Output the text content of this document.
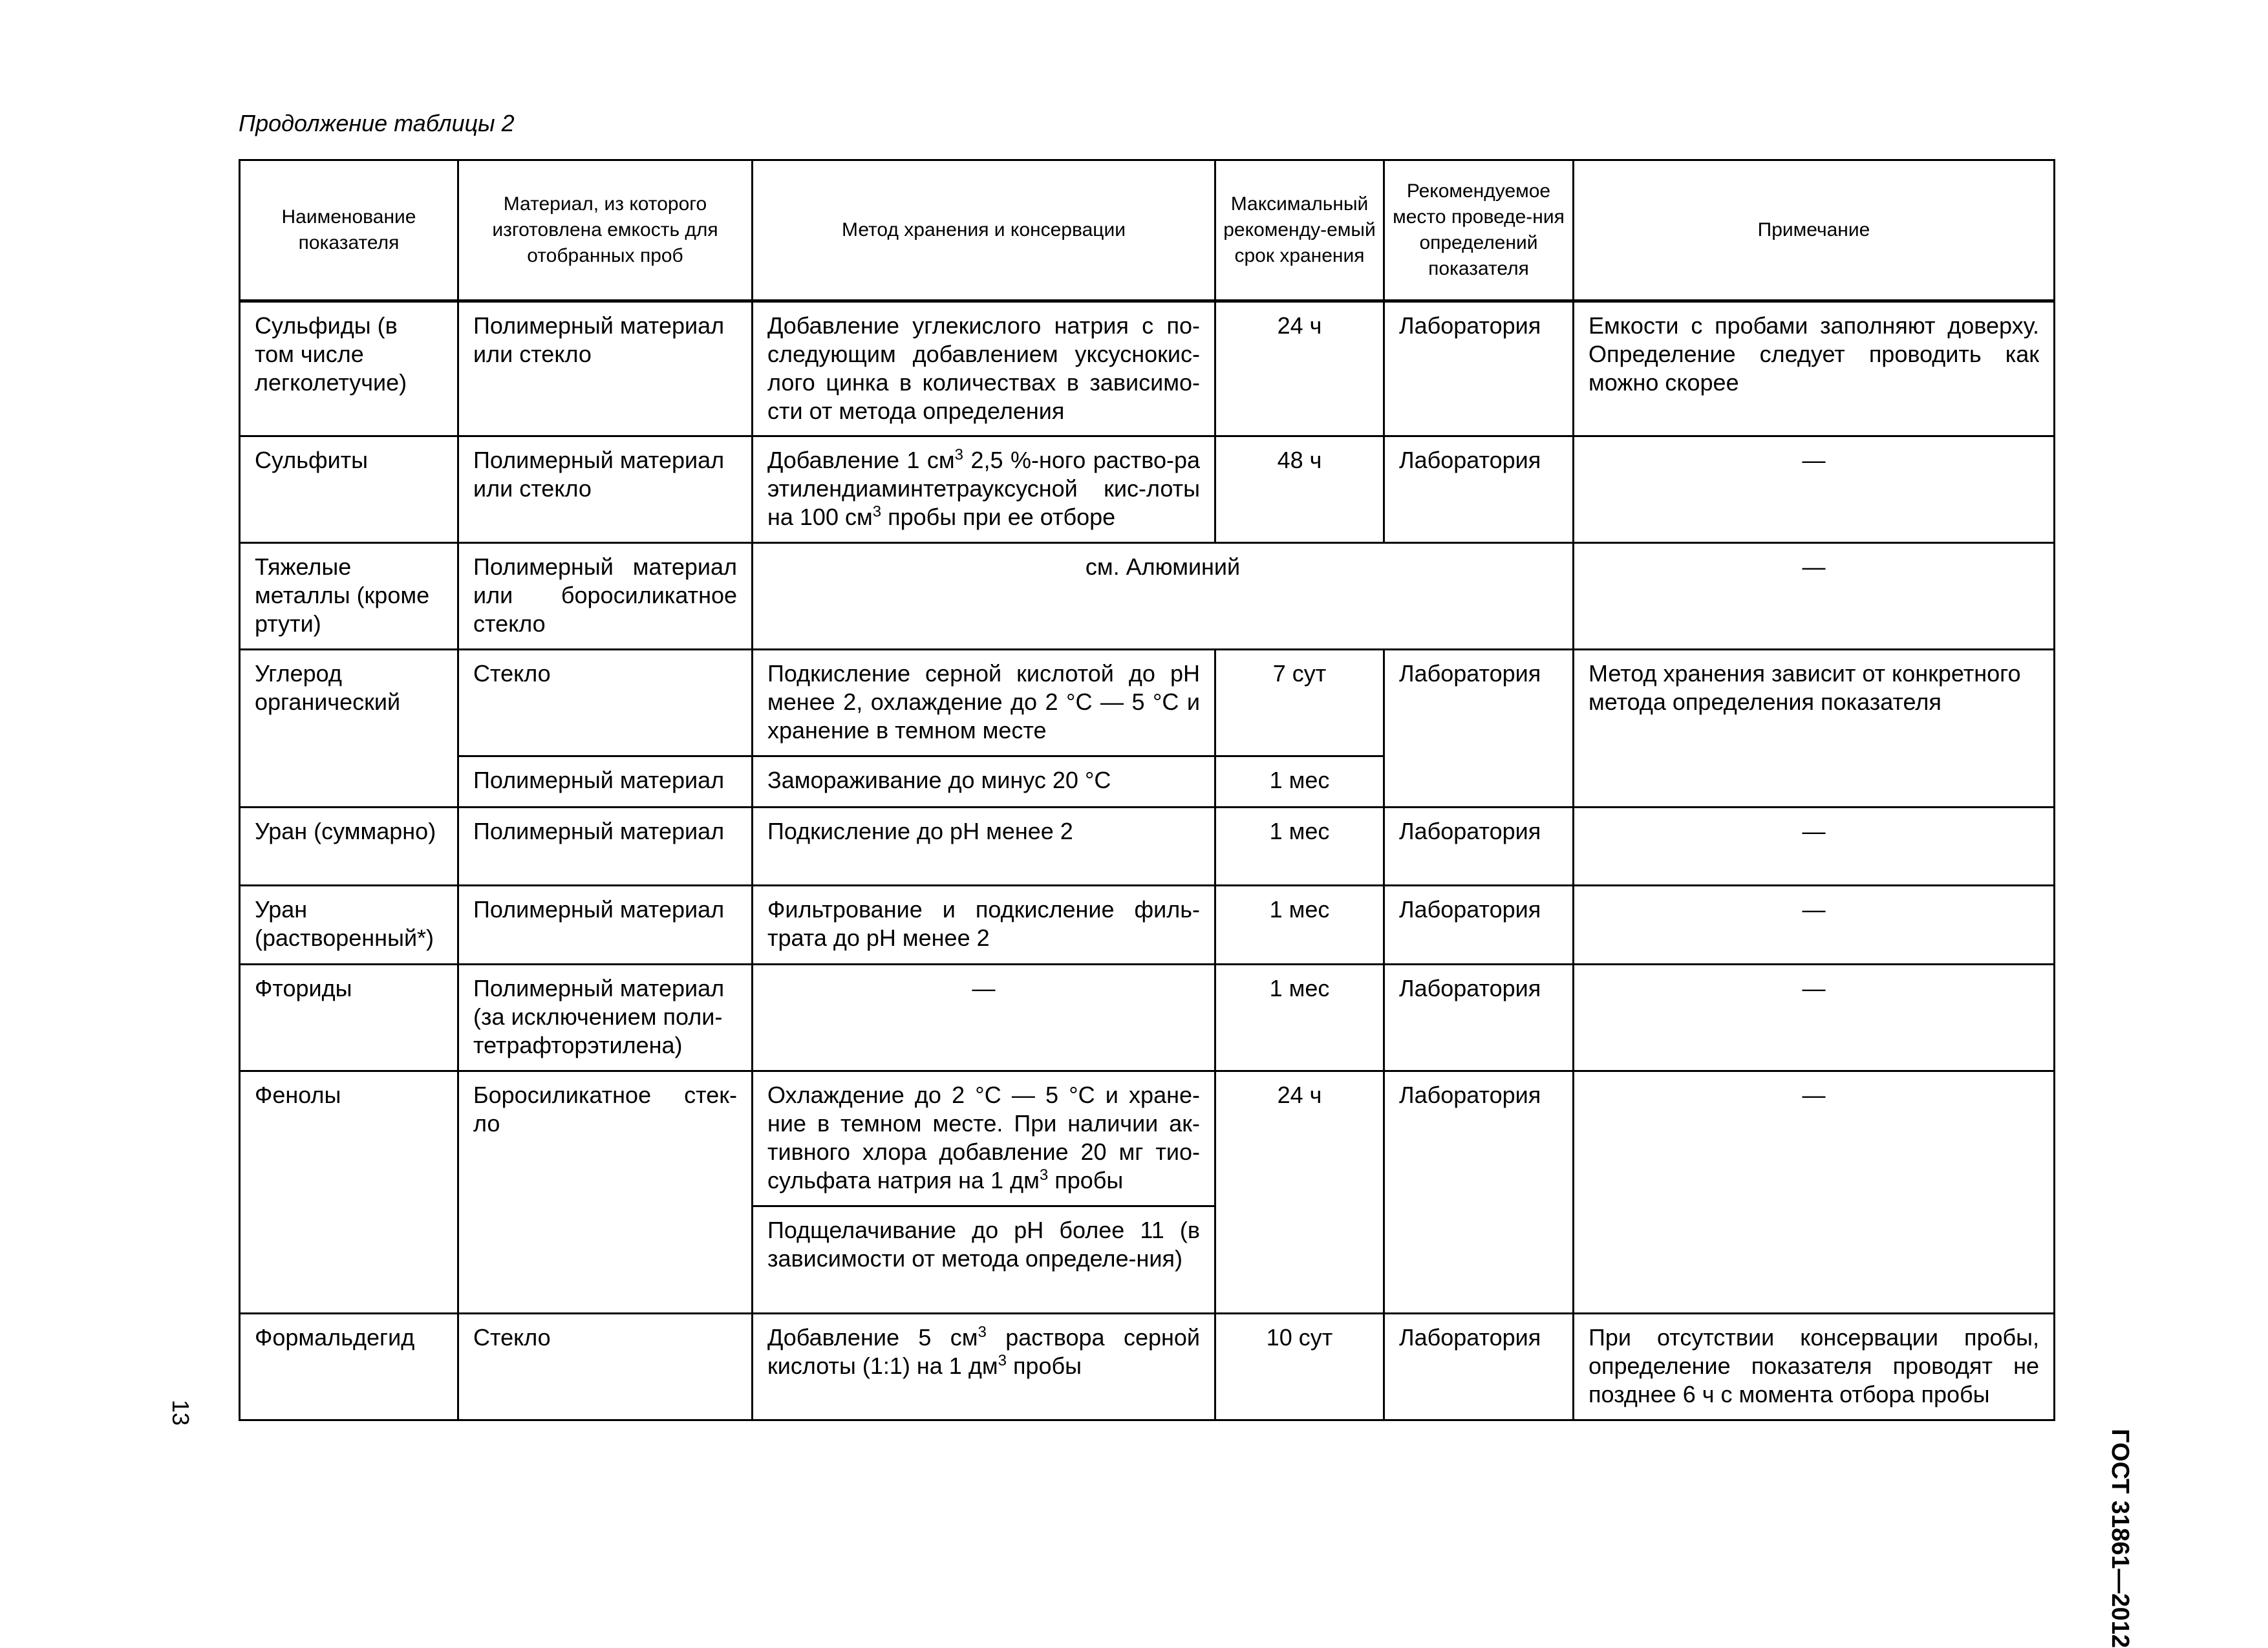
Продолжение таблицы 2
Наименование показателя	Материал, из которого изготовлена емкость для отобранных проб	Метод хранения и консервации	Максимальный рекоменду-емый срок хранения	Рекомендуемое место проведе-ния определений показателя	Примечание
Сульфиды (в том числе легколетучие)	Полимерный материал или стекло	Добавление углекислого натрия с по-следующим добавлением уксуснокис-лого цинка в количествах в зависимо-сти от метода определения	24 ч	Лаборатория	Емкости с пробами заполняют доверху. Определение следует проводить как можно скорее
Сульфиты	Полимерный материал или стекло	Добавление 1 $см^3$ 2,5 %-ного раство-ра этилендиаминтетрауксусной кис-лоты на 100 $см^3$ пробы при ее отборе	48 ч	Лаборатория	—
Тяжелые металлы (кроме ртути)	Полимерный материал или боросиликатное стекло	см. Алюминий			—
Углерод органический	Стекло	Подкисление серной кислотой до pH менее 2, охлаждение до 2 °С — 5 °С и хранение в темном месте	7 сут	Лаборатория	Метод хранения зависит от конкретного метода определения показателя
	Полимерный материал	Замораживание до минус 20 °С	1 мес		
Уран (суммарно)	Полимерный материал	Подкисление до pH менее 2	1 мес	Лаборатория	—
Уран (растворенный*)	Полимерный материал	Фильтрование и подкисление филь-трата до pH менее 2	1 мес	Лаборатория	—
Фториды	Полимерный материал (за исключением поли-тетрафторэтилена)	—	1 мес	Лаборатория	—
Фенолы	Боросиликатное стек-ло	Охлаждение до 2 °С — 5 °С и хране-ние в темном месте. При наличии ак-тивного хлора добавление 20 мг тио-сульфата натрия на 1 $дм^3$ пробы	24 ч	Лаборатория	—
		Подщелачивание до pH более 11 (в зависимости от метода определе-ния)			
Формальдегид	Стекло	Добавление 5 $см^3$ раствора серной кислоты (1:1) на 1 $дм^3$ пробы	10 сут	Лаборатория	При отсутствии консервации пробы, определение показателя проводят не позднее 6 ч с момента отбора пробы
ГОСТ 31861—2012
13
